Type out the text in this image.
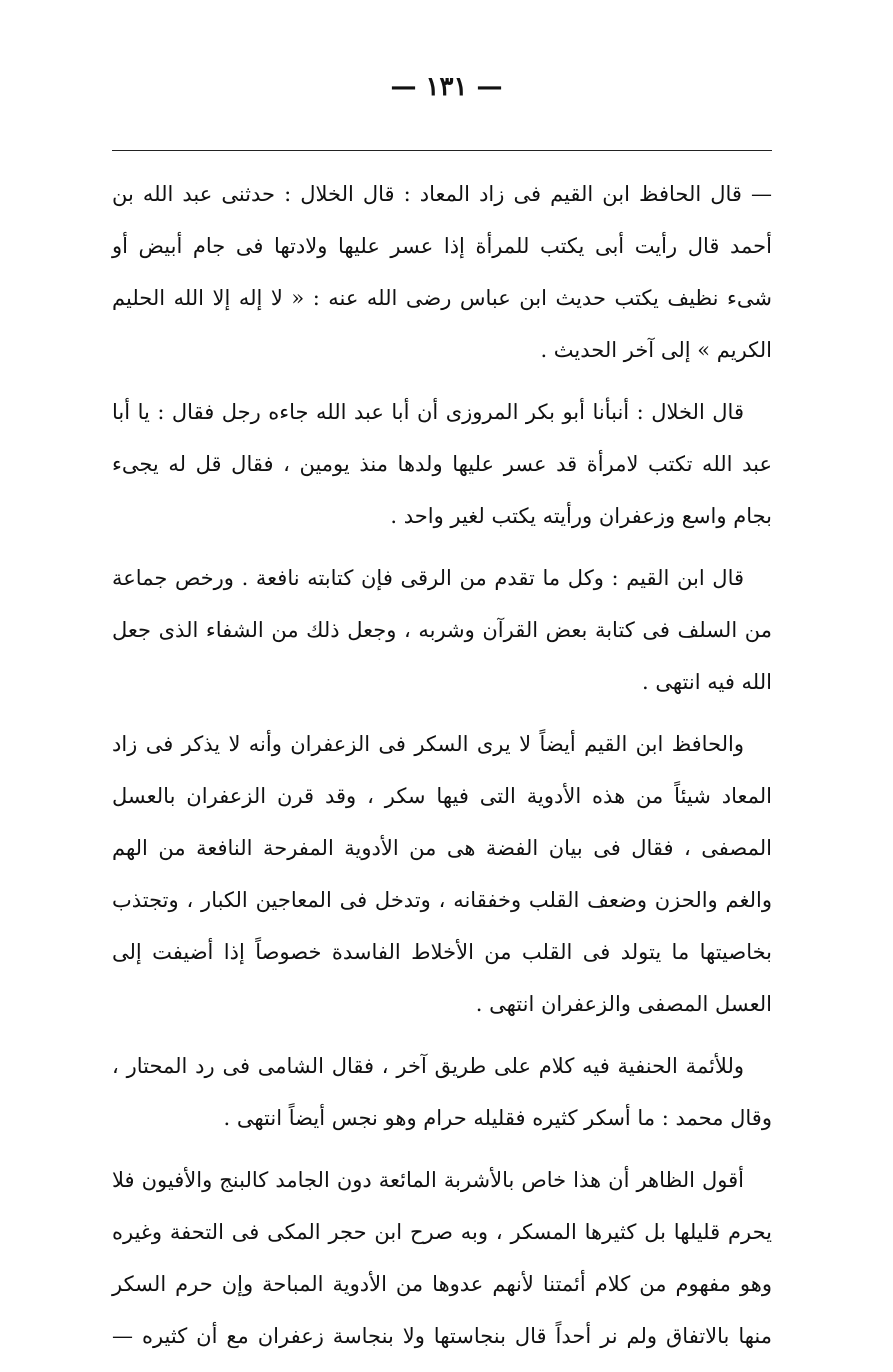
— ١٣١ —

— قال الحافظ ابن القيم فى زاد المعاد : قال الخلال : حدثنى عبد الله بن أحمد قال رأيت أبى يكتب للمرأة إذا عسر عليها ولادتها فى جام أبيض أو شىء نظيف يكتب حديث ابن عباس رضى الله عنه : « لا إله إلا الله الحليم الكريم » إلى آخر الحديث .

قال الخلال : أنبأنا أبو بكر المروزى أن أبا عبد الله جاءه رجل فقال : يا أبا عبد الله تكتب لامرأة قد عسر عليها ولدها منذ يومين ، فقال قل له يجىء بجام واسع وزعفران ورأيته يكتب لغير واحد .

قال ابن القيم : وكل ما تقدم من الرقى فإن كتابته نافعة . ورخص جماعة من السلف فى كتابة بعض القرآن وشربه ، وجعل ذلك من الشفاء الذى جعل الله فيه انتهى .

والحافظ ابن القيم أيضاً لا يرى السكر فى الزعفران وأنه لا يذكر فى زاد المعاد شيئاً من هذه الأدوية التى فيها سكر ، وقد قرن الزعفران بالعسل المصفى ، فقال فى بيان الفضة هى من الأدوية المفرحة النافعة من الهم والغم والحزن وضعف القلب وخفقانه ، وتدخل فى المعاجين الكبار ، وتجتذب بخاصيتها ما يتولد فى القلب من الأخلاط الفاسدة خصوصاً إذا أضيفت إلى العسل المصفى والزعفران انتهى .

وللأئمة الحنفية فيه كلام على طريق آخر ، فقال الشامى فى رد المحتار ، وقال محمد : ما أسكر كثيره فقليله حرام وهو نجس أيضاً انتهى .

أقول الظاهر أن هذا خاص بالأشربة المائعة دون الجامد كالبنج والأفيون فلا يحرم قليلها بل كثيرها المسكر ، وبه صرح ابن حجر المكى فى التحفة وغيره وهو مفهوم من كلام أئمتنا لأنهم عدوها من الأدوية المباحة وإن حرم السكر منها بالاتفاق ولم نر أحداً قال بنجاستها ولا بنجاسة زعفران مع أن كثيره —
